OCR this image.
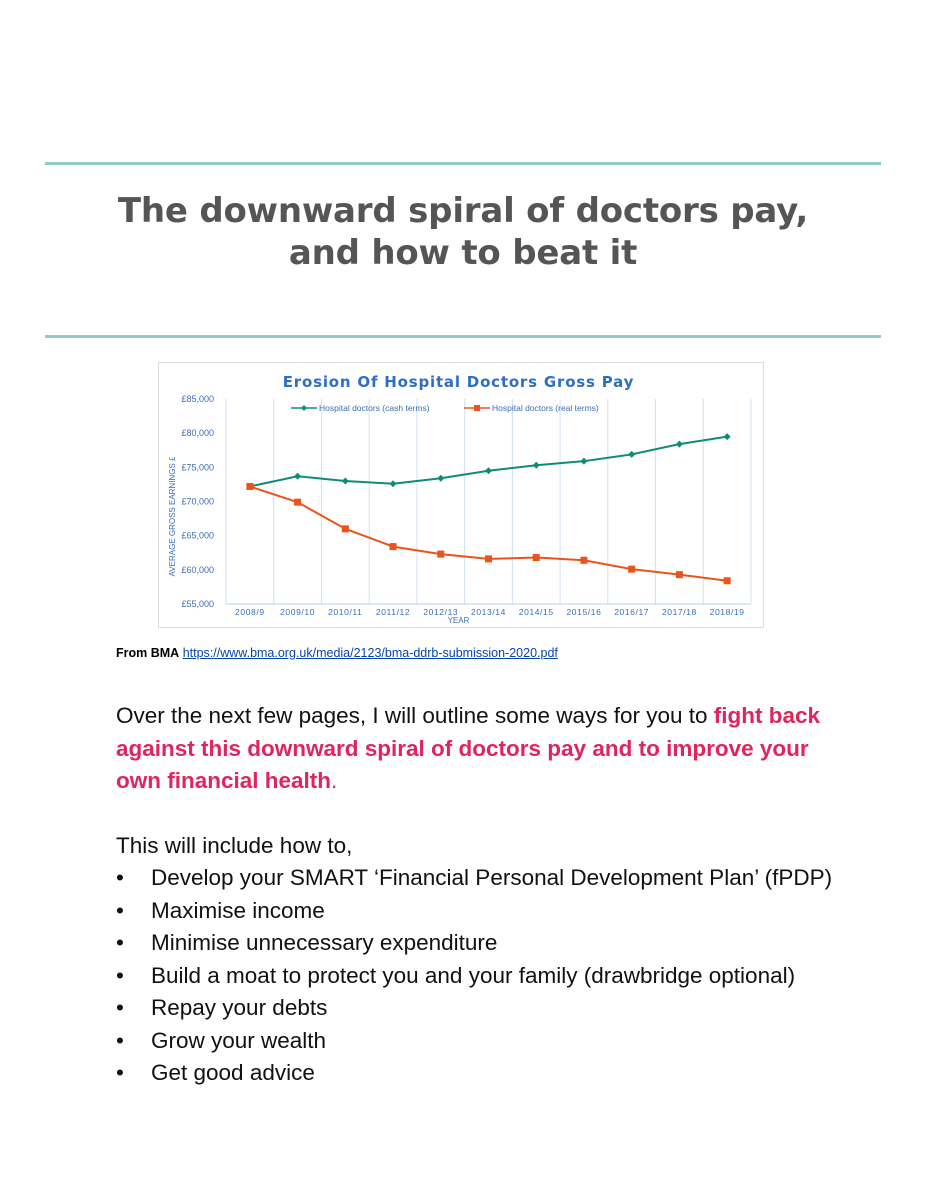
The downward spiral of doctors pay,
and how to beat it
Erosion Of Hospital Doctors Gross Pay
£55,000
£60,000
£65,000
£70,000
£75,000
£80,000
£85,000
2008/9 2009/10 2010/11 2011/12 2012/13 2013/14 2014/15 2015/16 2016/17 2017/18 2018/19
YEAR
AVERAGE GROSS EARNINGS £
Hospital doctors (cash terms)	Hospital doctors (real terms)
From BMA https://www.bma.org.uk/media/2123/bma-ddrb-submission-2020.pdf

Over the next few pages, I will outline some ways for you to fight back against this downward spiral of doctors pay and to improve your own financial health.

This will include how to,

• Develop your SMART ‘Financial Personal Development Plan’ (fPDP)
• Maximise income
• Minimise unnecessary expenditure
• Build a moat to protect you and your family (drawbridge optional)
• Repay your debts
• Grow your wealth
• Get good advice
